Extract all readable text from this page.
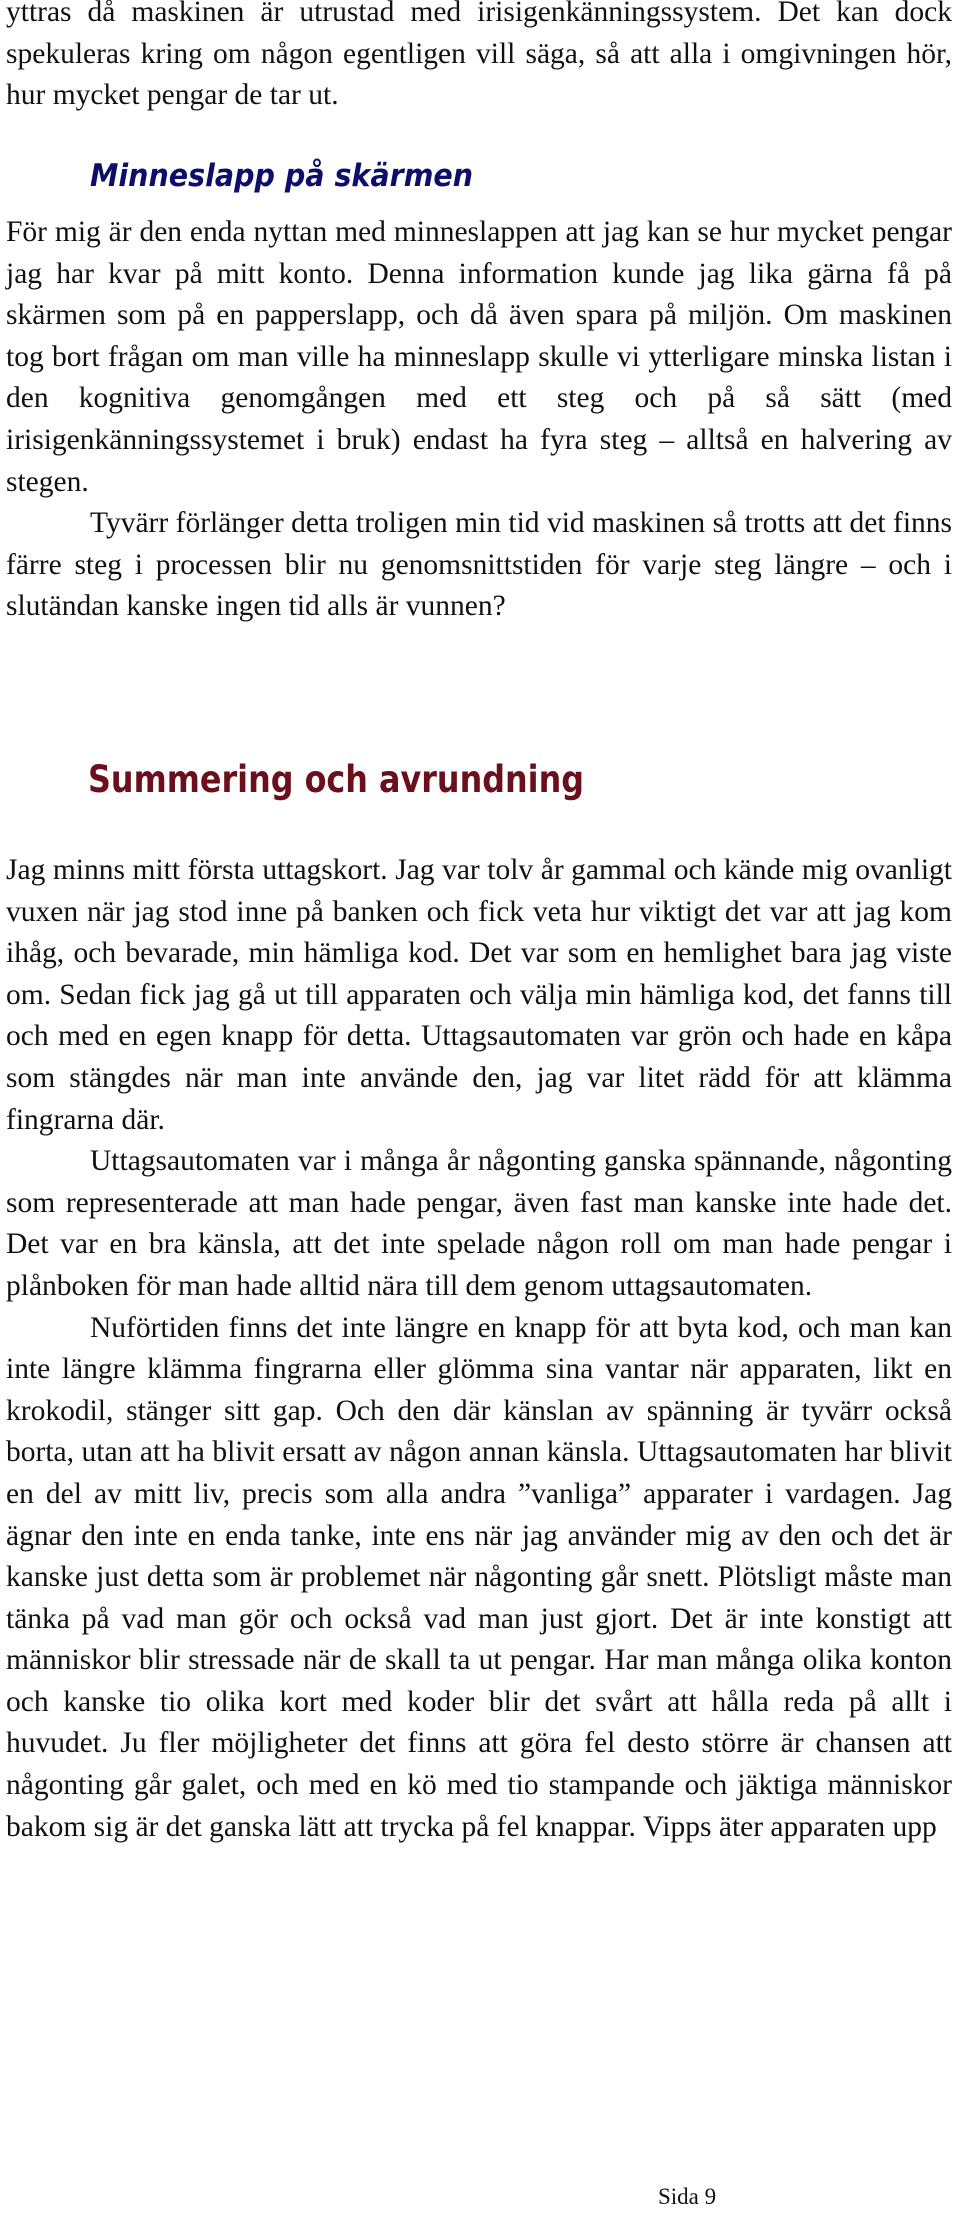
yttras då maskinen är utrustad med irisigenkänningssystem. Det kan dock spekuleras kring om någon egentligen vill säga, så att alla i omgivningen hör, hur mycket pengar de tar ut.

Minneslapp på skärmen

För mig är den enda nyttan med minneslappen att jag kan se hur mycket pengar jag har kvar på mitt konto. Denna information kunde jag lika gärna få på skärmen som på en papperslapp, och då även spara på miljön. Om maskinen tog bort frågan om man ville ha minneslapp skulle vi ytterligare minska listan i den kognitiva genomgången med ett steg och på så sätt (med irisigenkänningssystemet i bruk) endast ha fyra steg – alltså en halvering av stegen.

Tyvärr förlänger detta troligen min tid vid maskinen så trotts att det finns färre steg i processen blir nu genomsnittstiden för varje steg längre – och i slutändan kanske ingen tid alls är vunnen?

Summering och avrundning

Jag minns mitt första uttagskort. Jag var tolv år gammal och kände mig ovanligt vuxen när jag stod inne på banken och fick veta hur viktigt det var att jag kom ihåg, och bevarade, min hämliga kod. Det var som en hemlighet bara jag viste om. Sedan fick jag gå ut till apparaten och välja min hämliga kod, det fanns till och med en egen knapp för detta. Uttagsautomaten var grön och hade en kåpa som stängdes när man inte använde den, jag var litet rädd för att klämma fingrarna där.

Uttagsautomaten var i många år någonting ganska spännande, någonting som representerade att man hade pengar, även fast man kanske inte hade det. Det var en bra känsla, att det inte spelade någon roll om man hade pengar i plånboken för man hade alltid nära till dem genom uttagsautomaten.

Nuförtiden finns det inte längre en knapp för att byta kod, och man kan inte längre klämma fingrarna eller glömma sina vantar när apparaten, likt en krokodil, stänger sitt gap. Och den där känslan av spänning är tyvärr också borta, utan att ha blivit ersatt av någon annan känsla. Uttagsautomaten har blivit en del av mitt liv, precis som alla andra ”vanliga” apparater i vardagen. Jag ägnar den inte en enda tanke, inte ens när jag använder mig av den och det är kanske just detta som är problemet när någonting går snett. Plötsligt måste man tänka på vad man gör och också vad man just gjort. Det är inte konstigt att människor blir stressade när de skall ta ut pengar. Har man många olika konton och kanske tio olika kort med koder blir det svårt att hålla reda på allt i huvudet. Ju fler möjligheter det finns att göra fel desto större är chansen att någonting går galet, och med en kö med tio stampande och jäktiga människor bakom sig är det ganska lätt att trycka på fel knappar. Vipps äter apparaten upp

Sida 9
